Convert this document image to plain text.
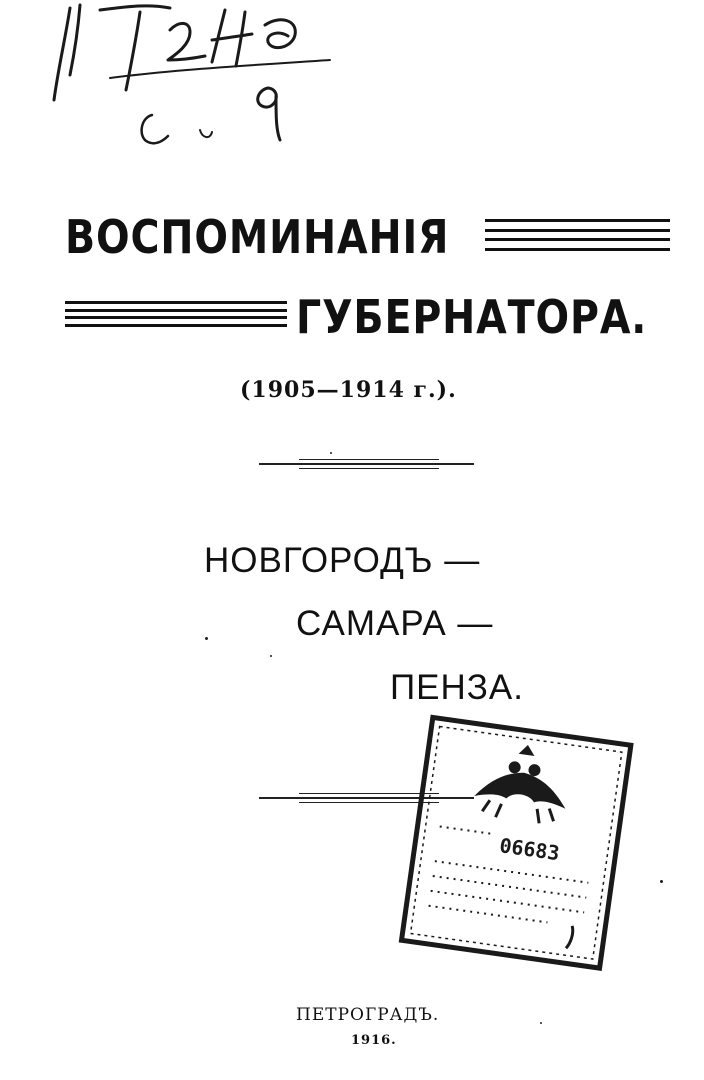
ВОСПОМИНАНІЯ
ГУБЕРНАТОРА.
(1905—1914 г.).
НОВГОРОДЪ —
САМАРА —
ПЕНЗА.
06683
ПЕТРОГРАДЪ.
1916.
